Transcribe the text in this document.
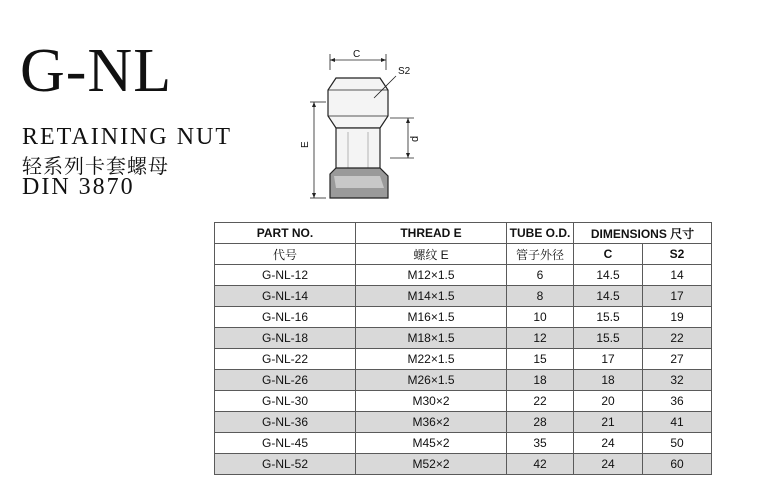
G-NL
RETAINING NUT
轻系列卡套螺母
DIN 3870
C
S2
E
d
PART NO.	THREAD E	TUBE O.D.	DIMENSIONS 尺寸	
代号	螺纹 E	管子外径	C	S2
G-NL-12	M12×1.5	6	14.5	14
G-NL-14	M14×1.5	8	14.5	17
G-NL-16	M16×1.5	10	15.5	19
G-NL-18	M18×1.5	12	15.5	22
G-NL-22	M22×1.5	15	17	27
G-NL-26	M26×1.5	18	18	32
G-NL-30	M30×2	22	20	36
G-NL-36	M36×2	28	21	41
G-NL-45	M45×2	35	24	50
G-NL-52	M52×2	42	24	60
